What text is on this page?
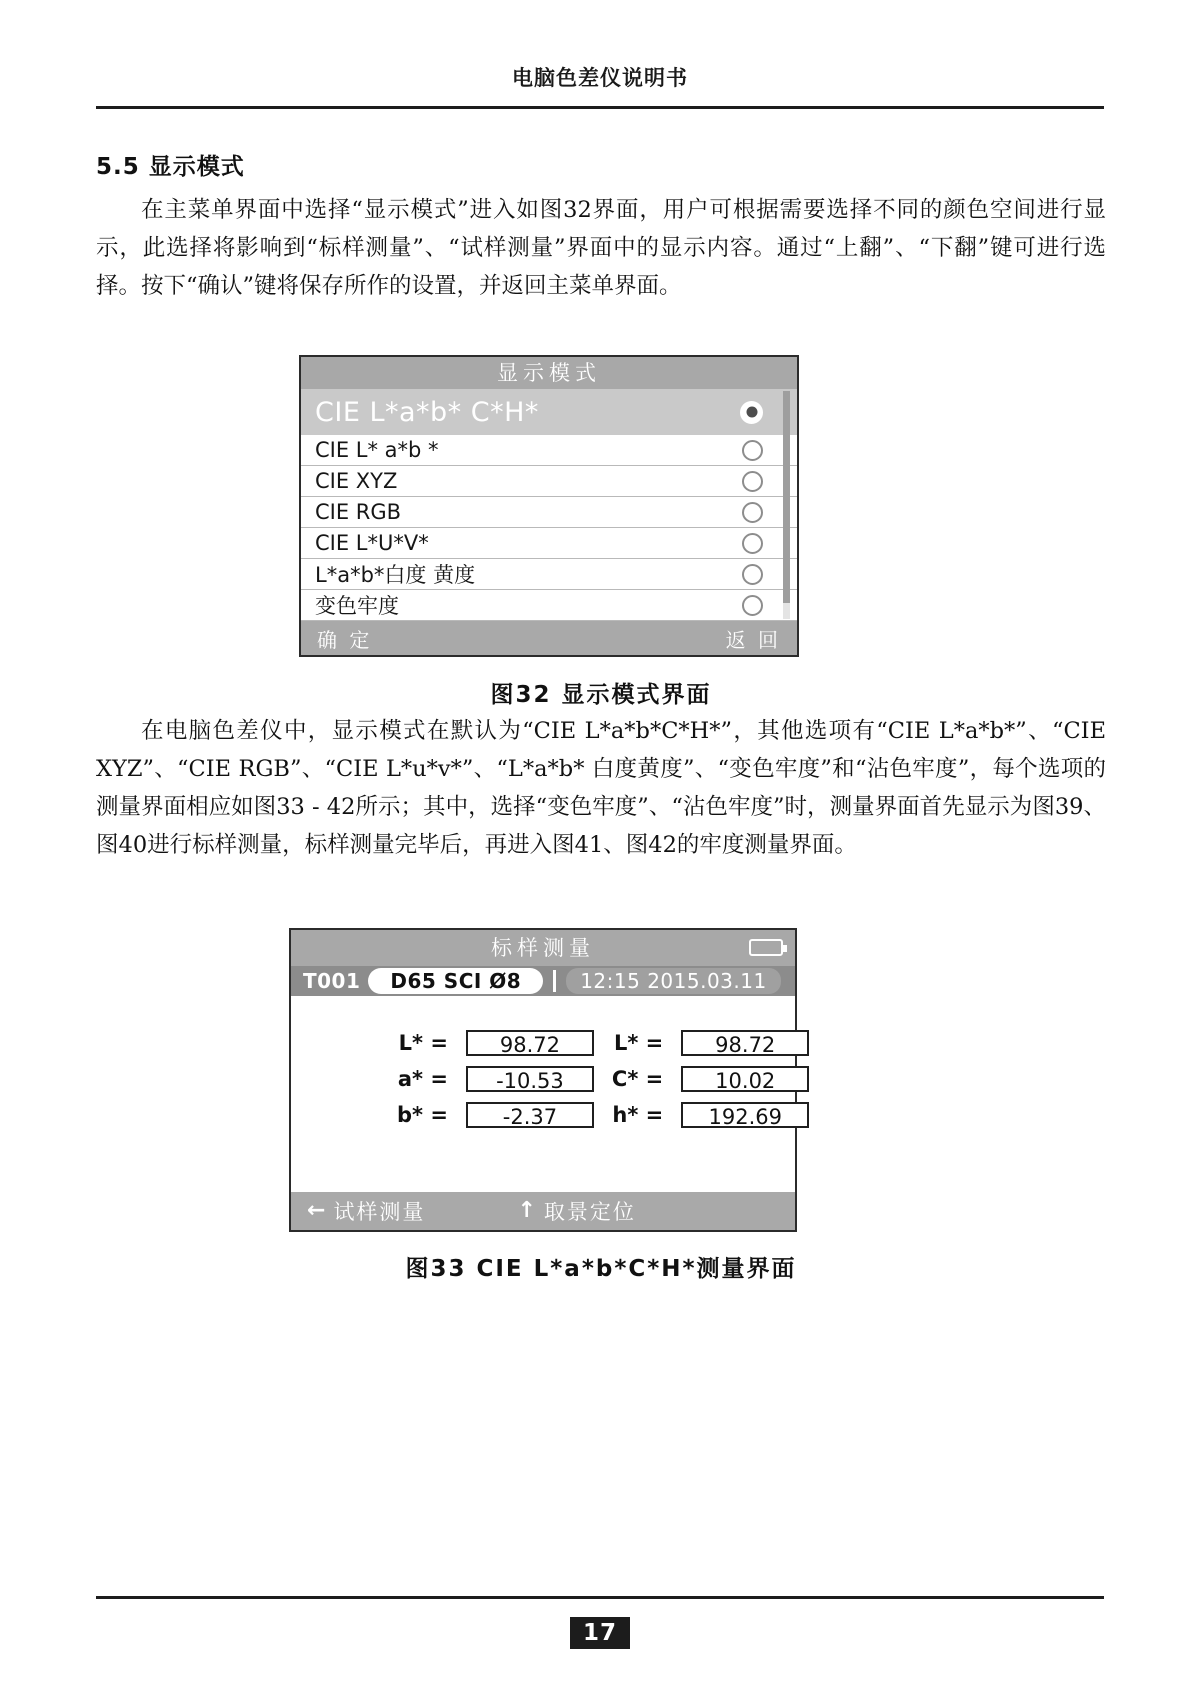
电脑色差仪说明书
5.5 显示模式

在主菜单界面中选择“显示模式”进入如图32界面，用户可根据需要选择不同的颜色空间进行显示，此选择将影响到“标样测量”、“试样测量”界面中的显示内容。通过“上翻”、“下翻”键可进行选择。按下“确认”键将保存所作的设置，并返回主菜单界面。

显示模式
CIE L*a*b* C*H*
CIE L* a*b *
CIE XYZ
CIE RGB
CIE L*U*V*
L*a*b*白度 黄度
变色牢度
确 定	返 回
图32 显示模式界面

在电脑色差仪中，显示模式在默认为“CIE L*a*b*C*H*”，其他选项有“CIE L*a*b*”、“CIE XYZ”、“CIE RGB”、“CIE L*u*v*”、“L*a*b* 白度黄度”、“变色牢度”和“沾色牢度”，每个选项的测量界面相应如图33 - 42所示；其中，选择“变色牢度”、“沾色牢度”时，测量界面首先显示为图39、图40进行标样测量，标样测量完毕后，再进入图41、图42的牢度测量界面。

标样测量
T001	D65 SCI Ø8	12:15 2015.03.11
L* =	98.72	L* =	98.72
a* =	-10.53	C* =	10.02
b* =	-2.37	h* =	192.69
← 试样测量	↑ 取景定位
图33 CIE L*a*b*C*H*测量界面
17
